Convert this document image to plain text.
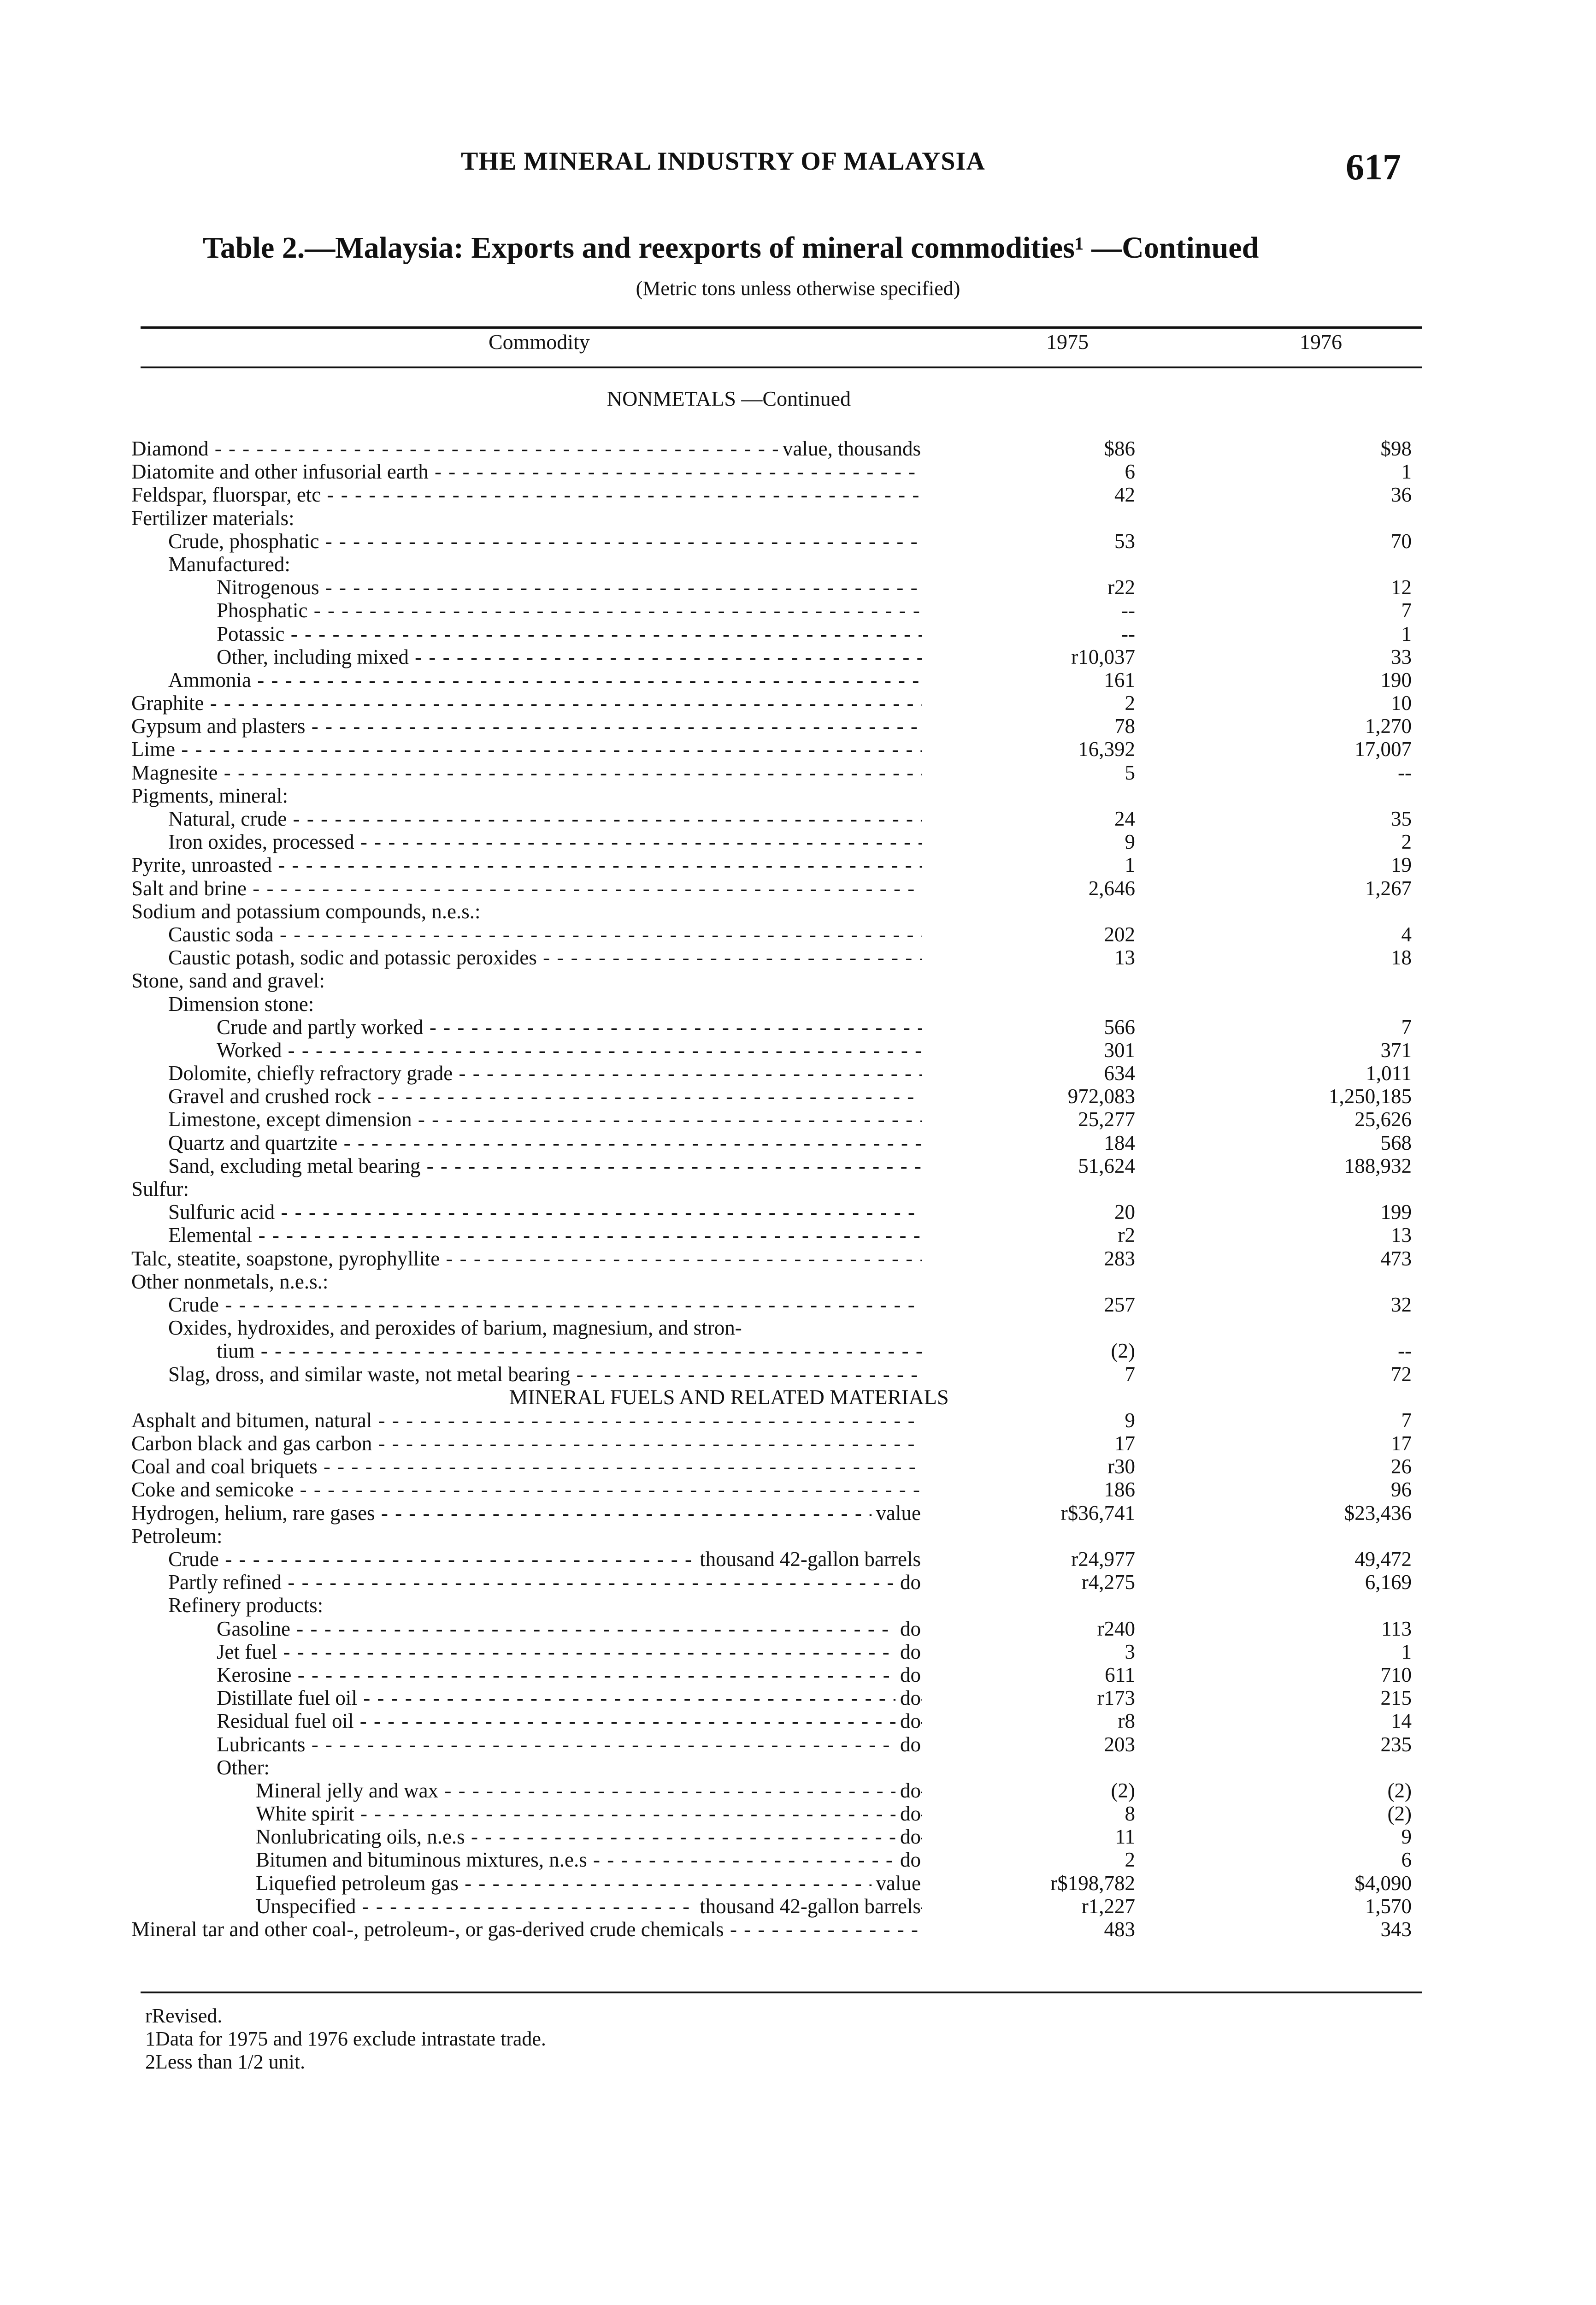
THE MINERAL INDUSTRY OF MALAYSIA	617
Table 2.—Malaysia: Exports and reexports of mineral commodities¹ —Continued
(Metric tons unless otherwise specified)
Commodity	1975	1976
NONMETALS —Continued
Diamond - - -	value, thousands	$86	$98
Diatomite and other infusorial earth - - -	6	1
Feldspar, fluorspar, etc - - -	42	36
Fertilizer materials:
Crude, phosphatic - - -	53	70
Manufactured:
Nitrogenous - - -	r22	12
Phosphatic - - -	--	7
Potassic - - -	--	1
Other, including mixed - - -	r10,037	33
Ammonia - - -	161	190
Graphite - - -	2	10
Gypsum and plasters - - -	78	1,270
Lime - - -	16,392	17,007
Magnesite - - -	5	--
Pigments, mineral:
Natural, crude - - -	24	35
Iron oxides, processed - - -	9	2
Pyrite, unroasted - - -	1	19
Salt and brine - - -	2,646	1,267
Sodium and potassium compounds, n.e.s.:
Caustic soda - - -	202	4
Caustic potash, sodic and potassic peroxides - - -	13	18
Stone, sand and gravel:
Dimension stone:
Crude and partly worked - - -	566	7
Worked - - -	301	371
Dolomite, chiefly refractory grade - - -	634	1,011
Gravel and crushed rock - - -	972,083	1,250,185
Limestone, except dimension - - -	25,277	25,626
Quartz and quartzite - - -	184	568
Sand, excluding metal bearing - - -	51,624	188,932
Sulfur:
Sulfuric acid - - -	20	199
Elemental - - -	r2	13
Talc, steatite, soapstone, pyrophyllite - - -	283	473
Other nonmetals, n.e.s.:
Crude - - -	257	32
Oxides, hydroxides, and peroxides of barium, magnesium, and stron-
tium - - -	(2)	--
Slag, dross, and similar waste, not metal bearing - - -	7	72
MINERAL FUELS AND RELATED MATERIALS
Asphalt and bitumen, natural - - -	9	7
Carbon black and gas carbon - - -	17	17
Coal and coal briquets - - -	r30	26
Coke and semicoke - - -	186	96
Hydrogen, helium, rare gases - - -	value	r$36,741	$23,436
Petroleum:
Crude - - -	thousand 42-gallon barrels	r24,977	49,472
Partly refined - - -	do	r4,275	6,169
Refinery products:
Gasoline - - -	do	r240	113
Jet fuel - - -	do	3	1
Kerosine - - -	do	611	710
Distillate fuel oil - - -	do	r173	215
Residual fuel oil - - -	do	r8	14
Lubricants - - -	do	203	235
Other:
Mineral jelly and wax - - -	do	(2)	(2)
White spirit - - -	do	8	(2)
Nonlubricating oils, n.e.s - - -	do	11	9
Bitumen and bituminous mixtures, n.e.s - - -	do	2	6
Liquefied petroleum gas - - -	value	r$198,782	$4,090
Unspecified - - -	thousand 42-gallon barrels	r1,227	1,570
Mineral tar and other coal-, petroleum-, or gas-derived crude chemicals - - -	483	343
rRevised.
1Data for 1975 and 1976 exclude intrastate trade.
2Less than 1/2 unit.
